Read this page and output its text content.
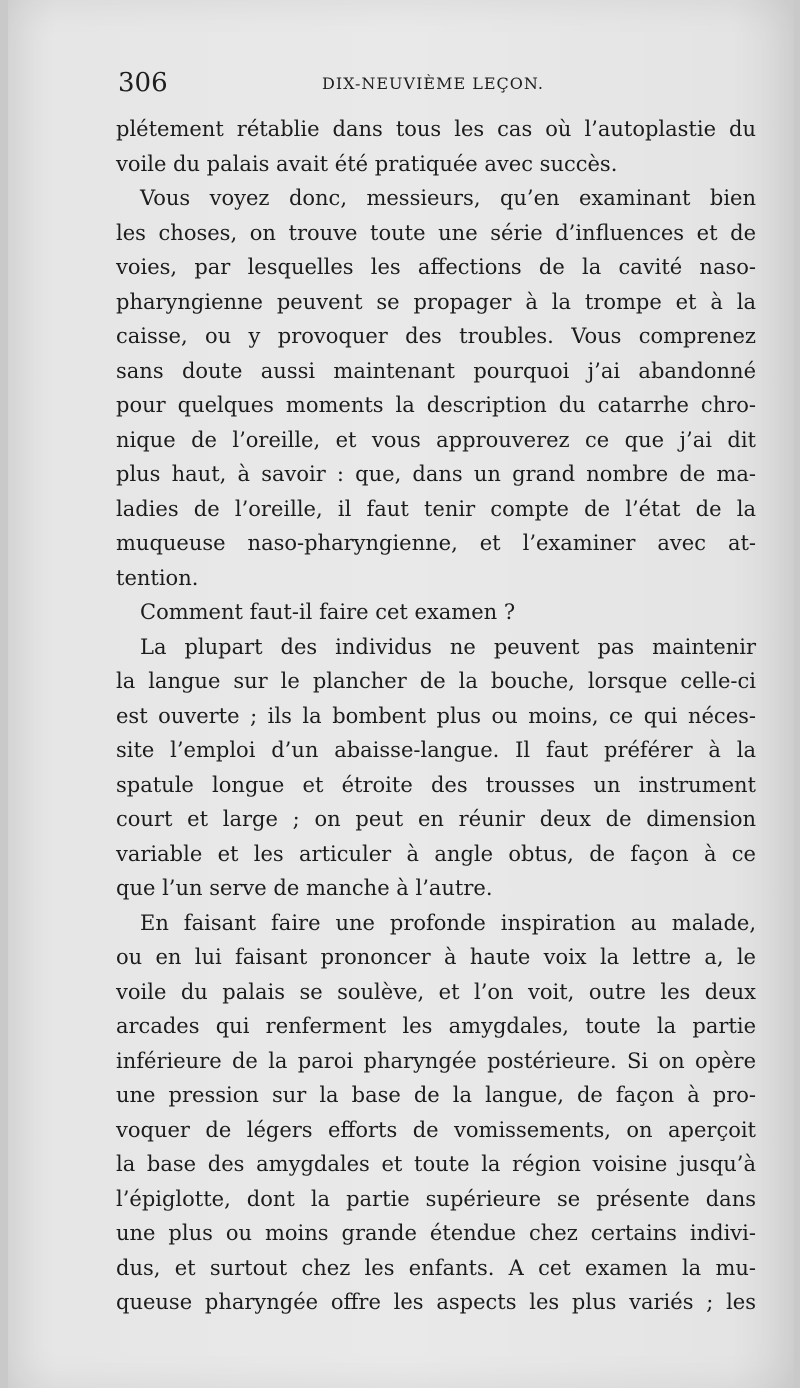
306	DIX-NEUVIÈME LEÇON.
plétement rétablie dans tous les cas où l’autoplastie du
voile du palais avait été pratiquée avec succès.
Vous voyez donc, messieurs, qu’en examinant bien
les choses, on trouve toute une série d’influences et de
voies, par lesquelles les affections de la cavité naso-
pharyngienne peuvent se propager à la trompe et à la
caisse, ou y provoquer des troubles. Vous comprenez
sans doute aussi maintenant pourquoi j’ai abandonné
pour quelques moments la description du catarrhe chro-
nique de l’oreille, et vous approuverez ce que j’ai dit
plus haut, à savoir : que, dans un grand nombre de ma-
ladies de l’oreille, il faut tenir compte de l’état de la
muqueuse naso-pharyngienne, et l’examiner avec at-
tention.
Comment faut-il faire cet examen ?
La plupart des individus ne peuvent pas maintenir
la langue sur le plancher de la bouche, lorsque celle-ci
est ouverte ; ils la bombent plus ou moins, ce qui néces-
site l’emploi d’un abaisse-langue. Il faut préférer à la
spatule longue et étroite des trousses un instrument
court et large ; on peut en réunir deux de dimension
variable et les articuler à angle obtus, de façon à ce
que l’un serve de manche à l’autre.
En faisant faire une profonde inspiration au malade,
ou en lui faisant prononcer à haute voix la lettre a, le
voile du palais se soulève, et l’on voit, outre les deux
arcades qui renferment les amygdales, toute la partie
inférieure de la paroi pharyngée postérieure. Si on opère
une pression sur la base de la langue, de façon à pro-
voquer de légers efforts de vomissements, on aperçoit
la base des amygdales et toute la région voisine jusqu’à
l’épiglotte, dont la partie supérieure se présente dans
une plus ou moins grande étendue chez certains indivi-
dus, et surtout chez les enfants. A cet examen la mu-
queuse pharyngée offre les aspects les plus variés ; les
